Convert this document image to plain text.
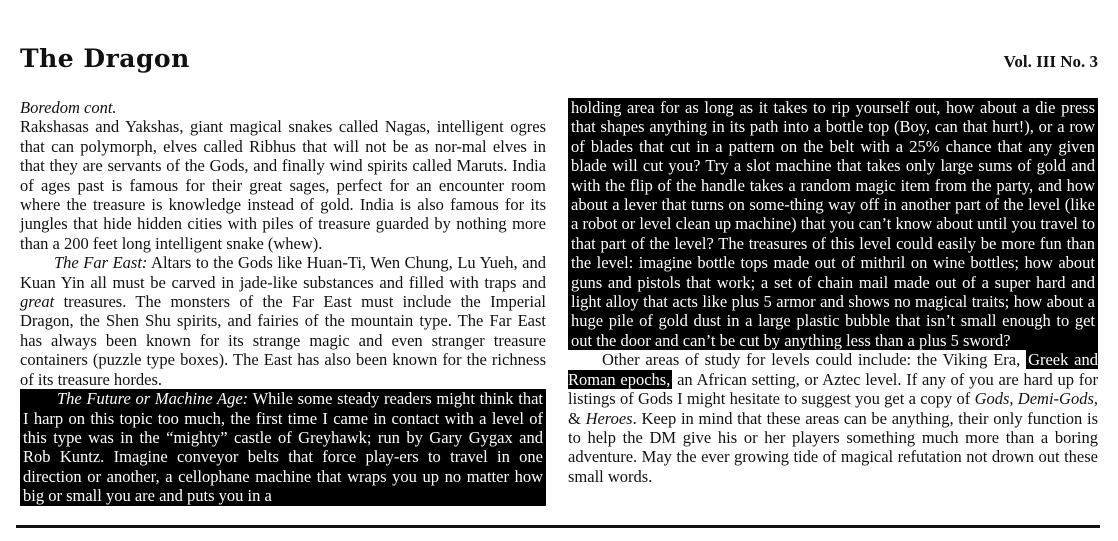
The Dragon	Vol. III No. 3

Boredom cont.

Rakshasas and Yakshas, giant magical snakes called Nagas, intelligent ogres that can polymorph, elves called Ribhus that will not be as nor-mal elves in that they are servants of the Gods, and finally wind spirits called Maruts. India of ages past is famous for their great sages, perfect for an encounter room where the treasure is knowledge instead of gold. India is also famous for its jungles that hide hidden cities with piles of treasure guarded by nothing more than a 200 feet long intelligent snake (whew).

The Far East: Altars to the Gods like Huan-Ti, Wen Chung, Lu Yueh, and Kuan Yin all must be carved in jade-like substances and filled with traps and great treasures. The monsters of the Far East must include the Imperial Dragon, the Shen Shu spirits, and fairies of the mountain type. The Far East has always been known for its strange magic and even stranger treasure containers (puzzle type boxes). The East has also been known for the richness of its treasure hordes.

The Future or Machine Age: While some steady readers might think that I harp on this topic too much, the first time I came in contact with a level of this type was in the “mighty” castle of Greyhawk; run by Gary Gygax and Rob Kuntz. Imagine conveyor belts that force play-ers to travel in one direction or another, a cellophane machine that wraps you up no matter how big or small you are and puts you in a

holding area for as long as it takes to rip yourself out, how about a die press that shapes anything in its path into a bottle top (Boy, can that hurt!), or a row of blades that cut in a pattern on the belt with a 25% chance that any given blade will cut you? Try a slot machine that takes only large sums of gold and with the flip of the handle takes a random magic item from the party, and how about a lever that turns on some-thing way off in another part of the level (like a robot or level clean up machine) that you can’t know about until you travel to that part of the level? The treasures of this level could easily be more fun than the level: imagine bottle tops made out of mithril on wine bottles; how about guns and pistols that work; a set of chain mail made out of a super hard and light alloy that acts like plus 5 armor and shows no magical traits; how about a huge pile of gold dust in a large plastic bubble that isn’t small enough to get out the door and can’t be cut by anything less than a plus 5 sword?

Other areas of study for levels could include: the Viking Era, Greek and Roman epochs, an African setting, or Aztec level. If any of you are hard up for listings of Gods I might hesitate to suggest you get a copy of Gods, Demi-Gods, & Heroes. Keep in mind that these areas can be anything, their only function is to help the DM give his or her players something much more than a boring adventure. May the ever growing tide of magical refutation not drown out these small words.
